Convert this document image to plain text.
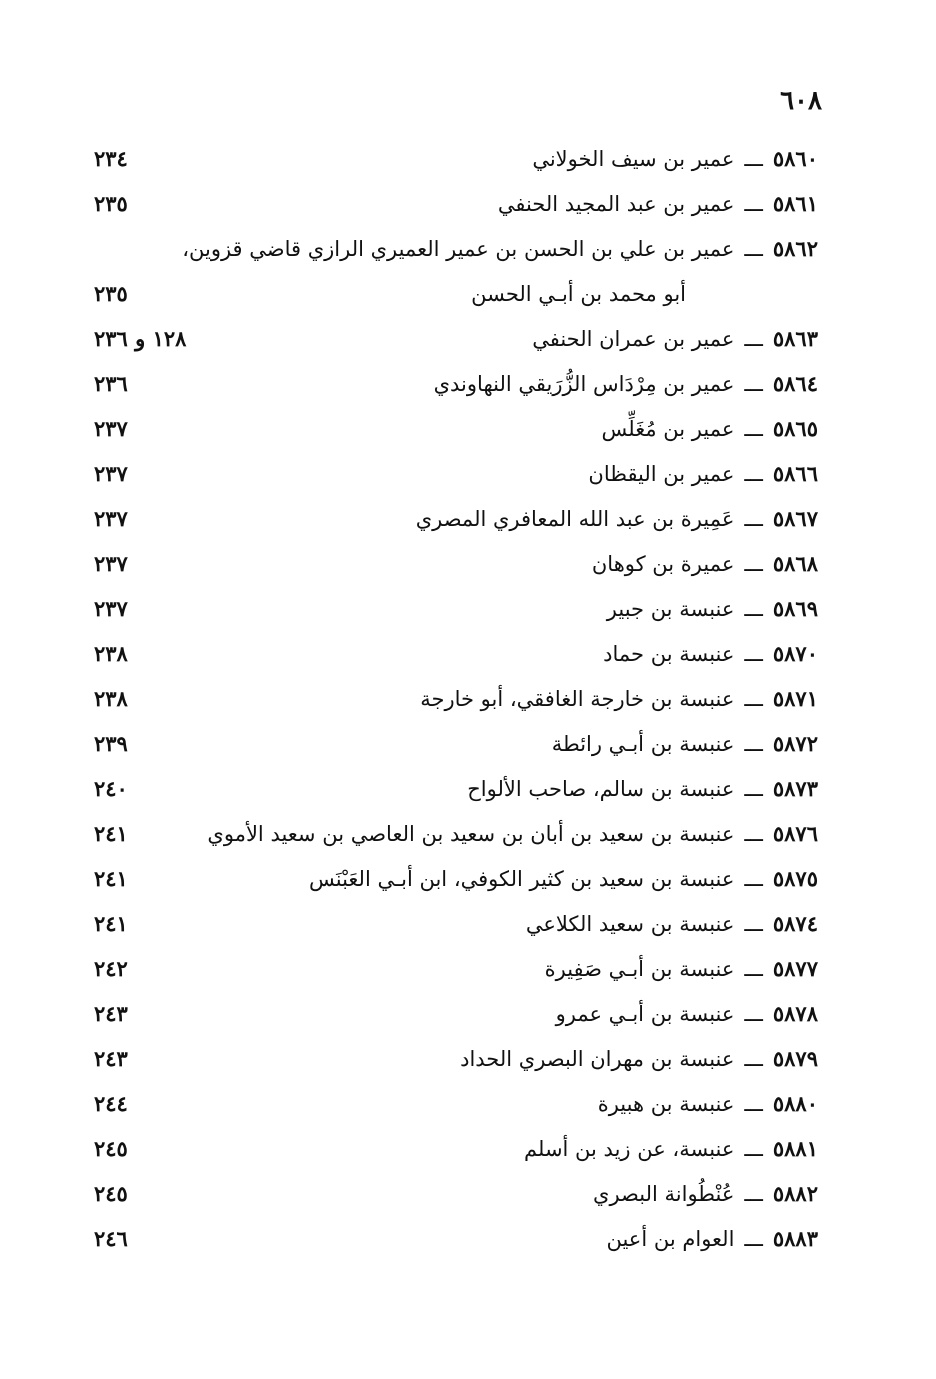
٦٠٨
٥٨٦٠ـــعمير بن سيف الخولاني
٢٣٤
٥٨٦١ـــعمير بن عبد المجيد الحنفي
٢٣٥
٥٨٦٢ـــعمير بن علي بن الحسن بن عمير العميري الرازي قاضي قزوين،
أبو محمد بن أبـي الحسن
٢٣٥
٥٨٦٣ـــعمير بن عمران الحنفي
١٢٨ و ٢٣٦
٥٨٦٤ـــعمير بن مِرْدَاس الزُّرَيقي النهاوندي
٢٣٦
٥٨٦٥ـــعمير بن مُغَلِّس
٢٣٧
٥٨٦٦ـــعمير بن اليقظان
٢٣٧
٥٨٦٧ـــعَمِيرة بن عبد الله المعافري المصري
٢٣٧
٥٨٦٨ـــعميرة بن كوهان
٢٣٧
٥٨٦٩ـــعنبسة بن جبير
٢٣٧
٥٨٧٠ـــعنبسة بن حماد
٢٣٨
٥٨٧١ـــعنبسة بن خارجة الغافقي، أبو خارجة
٢٣٨
٥٨٧٢ـــعنبسة بن أبـي رائطة
٢٣٩
٥٨٧٣ـــعنبسة بن سالم، صاحب الألواح
٢٤٠
٥٨٧٦ـــعنبسة بن سعيد بن أبان بن سعيد بن العاصي بن سعيد الأموي
٢٤١
٥٨٧٥ـــعنبسة بن سعيد بن كثير الكوفي، ابن أبـي العَبْنَس
٢٤١
٥٨٧٤ـــعنبسة بن سعيد الكلاعي
٢٤١
٥٨٧٧ـــعنبسة بن أبـي صَفِيرة
٢٤٢
٥٨٧٨ـــعنبسة بن أبـي عمرو
٢٤٣
٥٨٧٩ـــعنبسة بن مهران البصري الحداد
٢٤٣
٥٨٨٠ـــعنبسة بن هبيرة
٢٤٤
٥٨٨١ـــعنبسة، عن زيد بن أسلم
٢٤٥
٥٨٨٢ـــعُنْطُوانة البصري
٢٤٥
٥٨٨٣ـــالعوام بن أعين
٢٤٦
